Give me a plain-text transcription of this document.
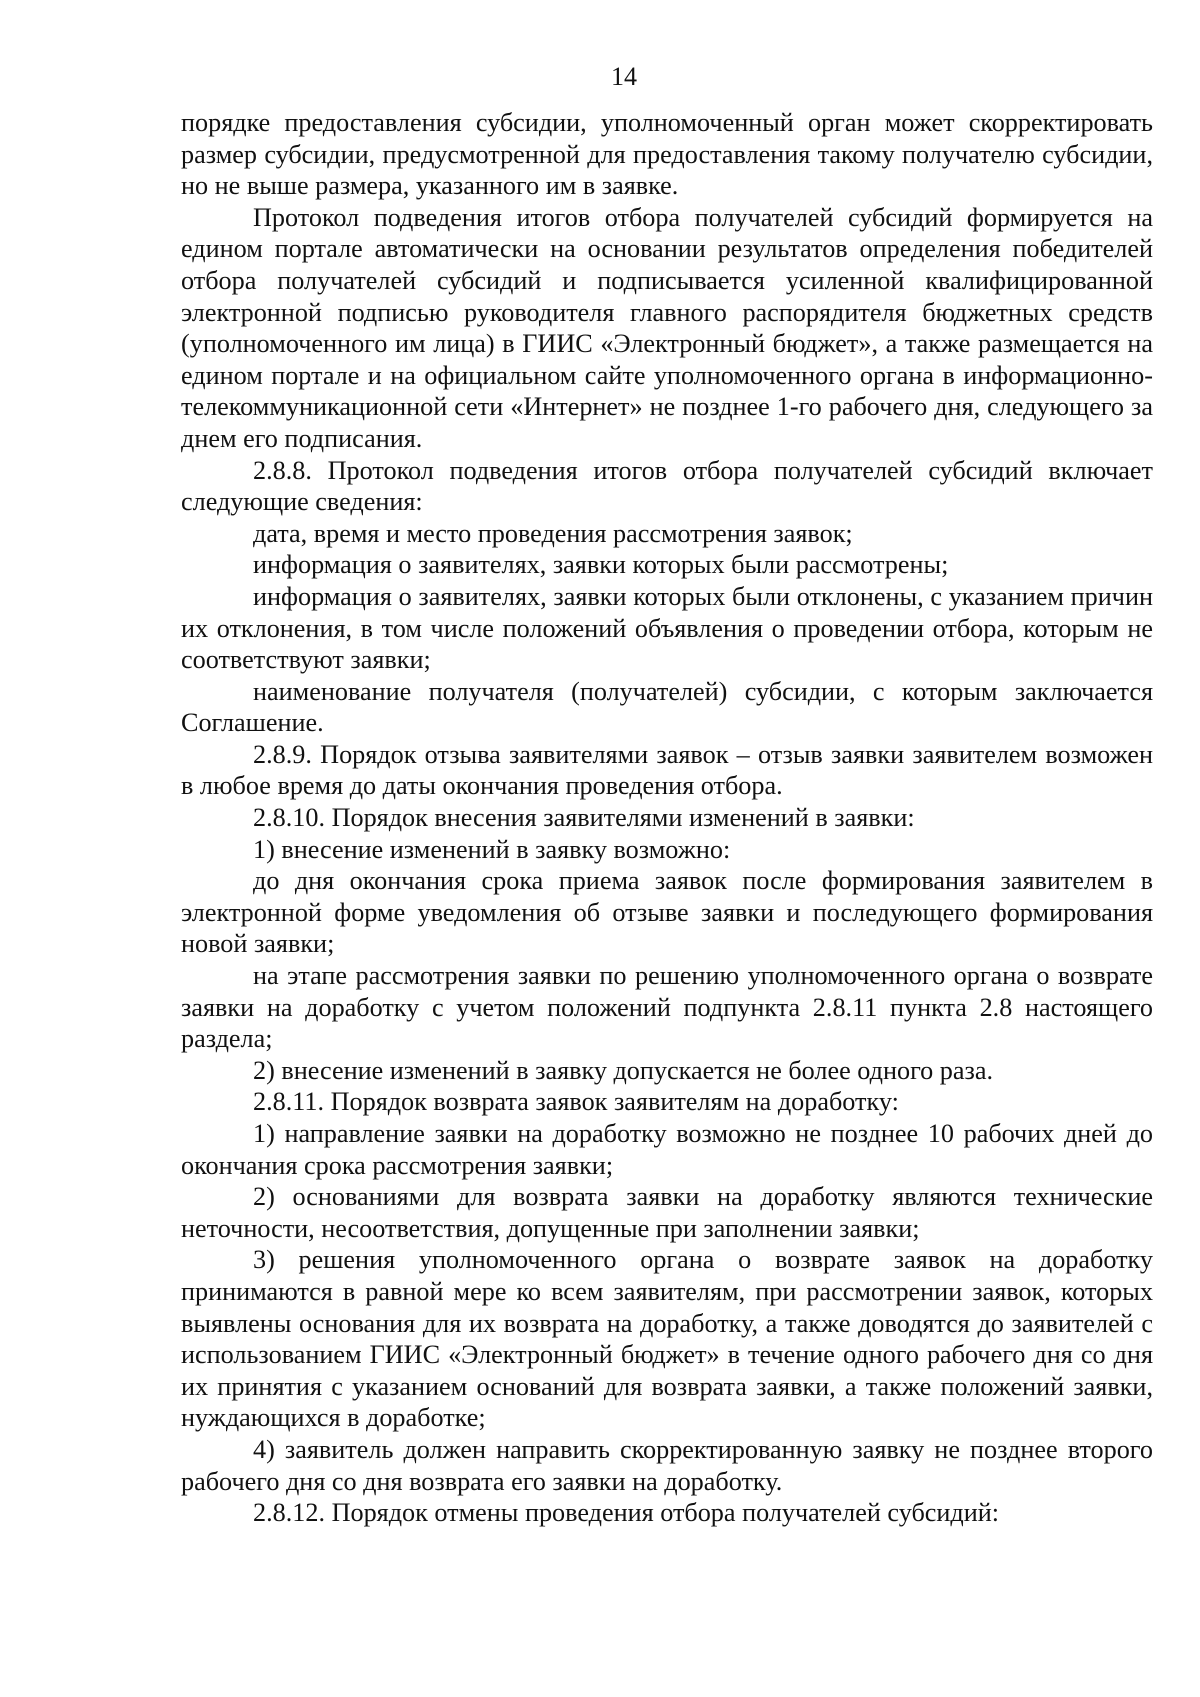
14

порядке предоставления субсидии, уполномоченный орган может скорректировать размер субсидии, предусмотренной для предоставления такому получателю субсидии, но не выше размера, указанного им в заявке.

Протокол подведения итогов отбора получателей субсидий формируется на едином портале автоматически на основании результатов определения победителей отбора получателей субсидий и подписывается усиленной квалифицированной электронной подписью руководителя главного распорядителя бюджетных средств (уполномоченного им лица) в ГИИС «Электронный бюджет», а также размещается на едином портале и на официальном сайте уполномоченного органа в информационно-телекоммуникационной сети «Интернет» не позднее 1-го рабочего дня, следующего за днем его подписания.

2.8.8. Протокол подведения итогов отбора получателей субсидий включает следующие сведения:

дата, время и место проведения рассмотрения заявок;

информация о заявителях, заявки которых были рассмотрены;

информация о заявителях, заявки которых были отклонены, с указанием причин их отклонения, в том числе положений объявления о проведении отбора, которым не соответствуют заявки;

наименование получателя (получателей) субсидии, с которым заключается Соглашение.

2.8.9. Порядок отзыва заявителями заявок – отзыв заявки заявителем возможен в любое время до даты окончания проведения отбора.

2.8.10. Порядок внесения заявителями изменений в заявки:

1) внесение изменений в заявку возможно:

до дня окончания срока приема заявок после формирования заявителем в электронной форме уведомления об отзыве заявки и последующего формирования новой заявки;

на этапе рассмотрения заявки по решению уполномоченного органа о возврате заявки на доработку с учетом положений подпункта 2.8.11 пункта 2.8 настоящего раздела;

2) внесение изменений в заявку допускается не более одного раза.

2.8.11. Порядок возврата заявок заявителям на доработку:

1) направление заявки на доработку возможно не позднее 10 рабочих дней до окончания срока рассмотрения заявки;

2) основаниями для возврата заявки на доработку являются технические неточности, несоответствия, допущенные при заполнении заявки;

3) решения уполномоченного органа о возврате заявок на доработку принимаются в равной мере ко всем заявителям, при рассмотрении заявок, которых выявлены основания для их возврата на доработку, а также доводятся до заявителей с использованием ГИИС «Электронный бюджет» в течение одного рабочего дня со дня их принятия с указанием оснований для возврата заявки, а также положений заявки, нуждающихся в доработке;

4) заявитель должен направить скорректированную заявку не позднее второго рабочего дня со дня возврата его заявки на доработку.

2.8.12. Порядок отмены проведения отбора получателей субсидий:
